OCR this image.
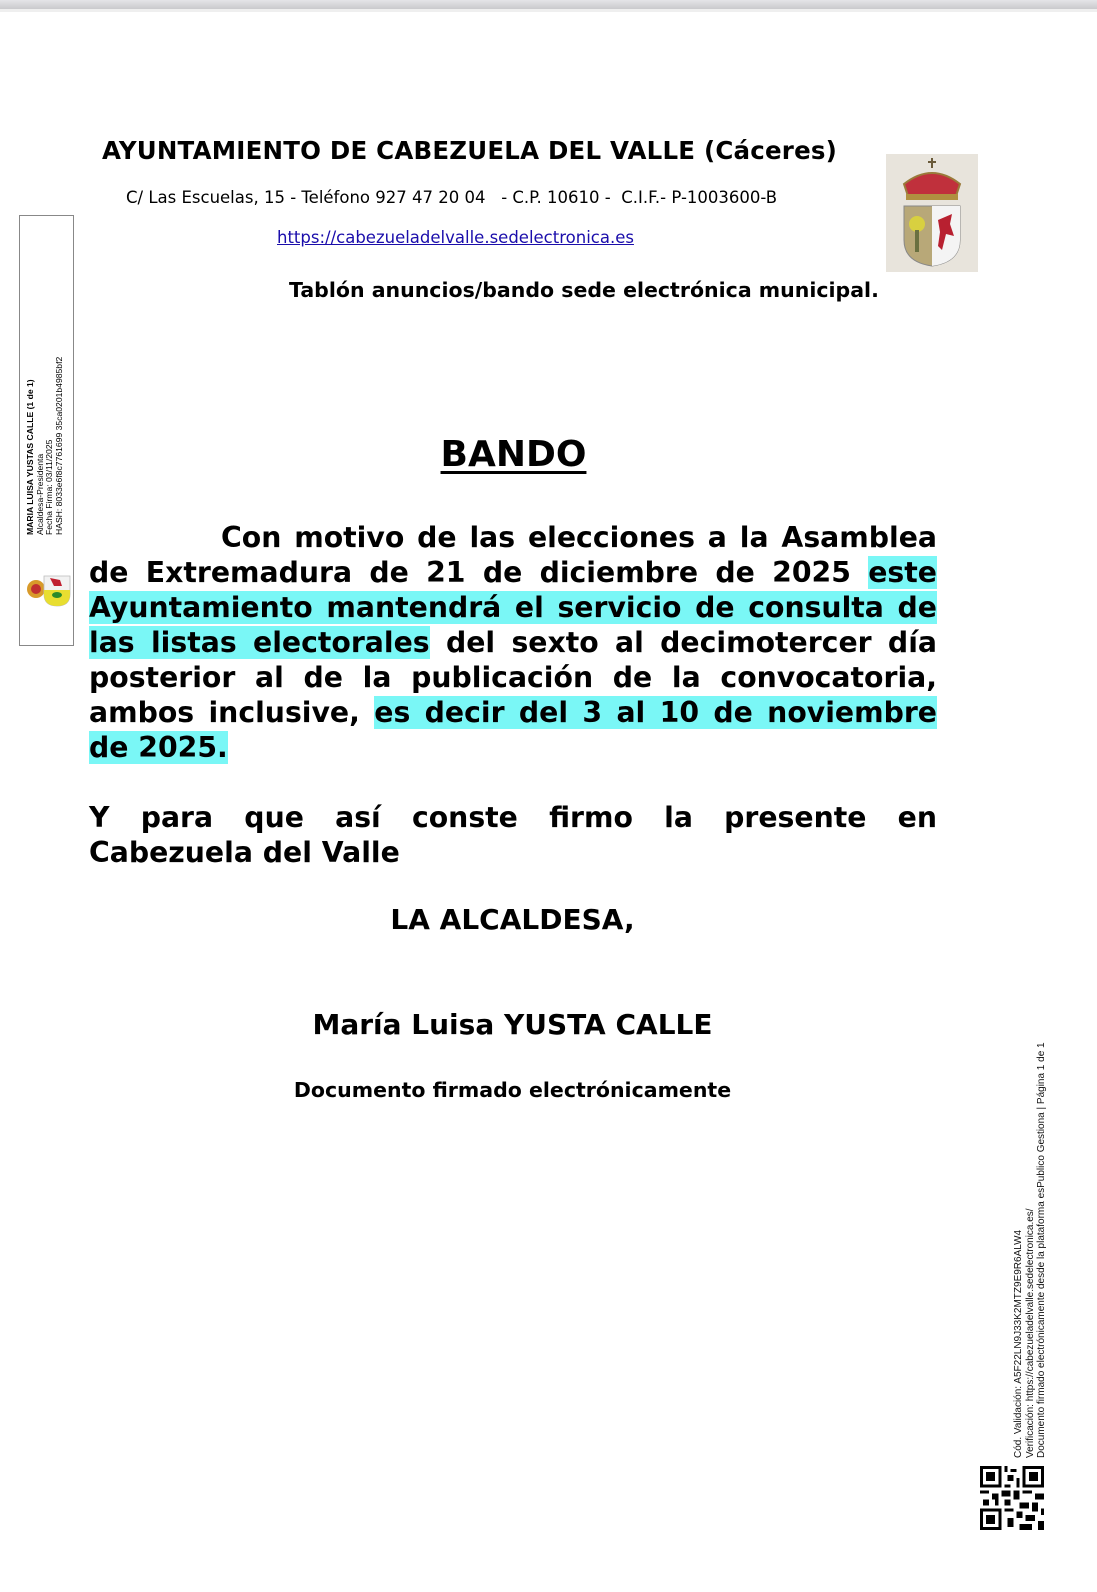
AYUNTAMIENTO DE CABEZUELA DEL VALLE (Cáceres)
C/ Las Escuelas, 15 - Teléfono 927 47 20 04   - C.P. 10610 -  C.I.F.- P-1003600-B
https://cabezueladelvalle.sedelectronica.es
Tablón anuncios/bando sede electrónica municipal.
MARIA LUISA YUSTAS CALLE (1 de 1) Alcaldesa-Presidenta Fecha Firma: 03/11/2025 HASH: 8033e6f8c7761699 35ca0201b4985bf2	BANDO

Con motivo de las elecciones a la Asamblea de Extremadura de 21 de diciembre de 2025 este Ayuntamiento mantendrá el servicio de consulta de las listas electorales del sexto al decimotercer día posterior al de la publicación de la convocatoria, ambos inclusive, es decir del 3 al 10 de noviembre de 2025.

Y para que así conste firmo la presente en Cabezuela del Valle

LA ALCALDESA,
María Luisa YUSTA CALLE
Documento firmado electrónicamente
Cód. Validación: A5F22LN9J33K2MTZ9E9R6ALW4 Verificación: https://cabezueladelvalle.sedelectronica.es/ Documento firmado electrónicamente desde la plataforma esPublico Gestiona | Página 1 de 1
